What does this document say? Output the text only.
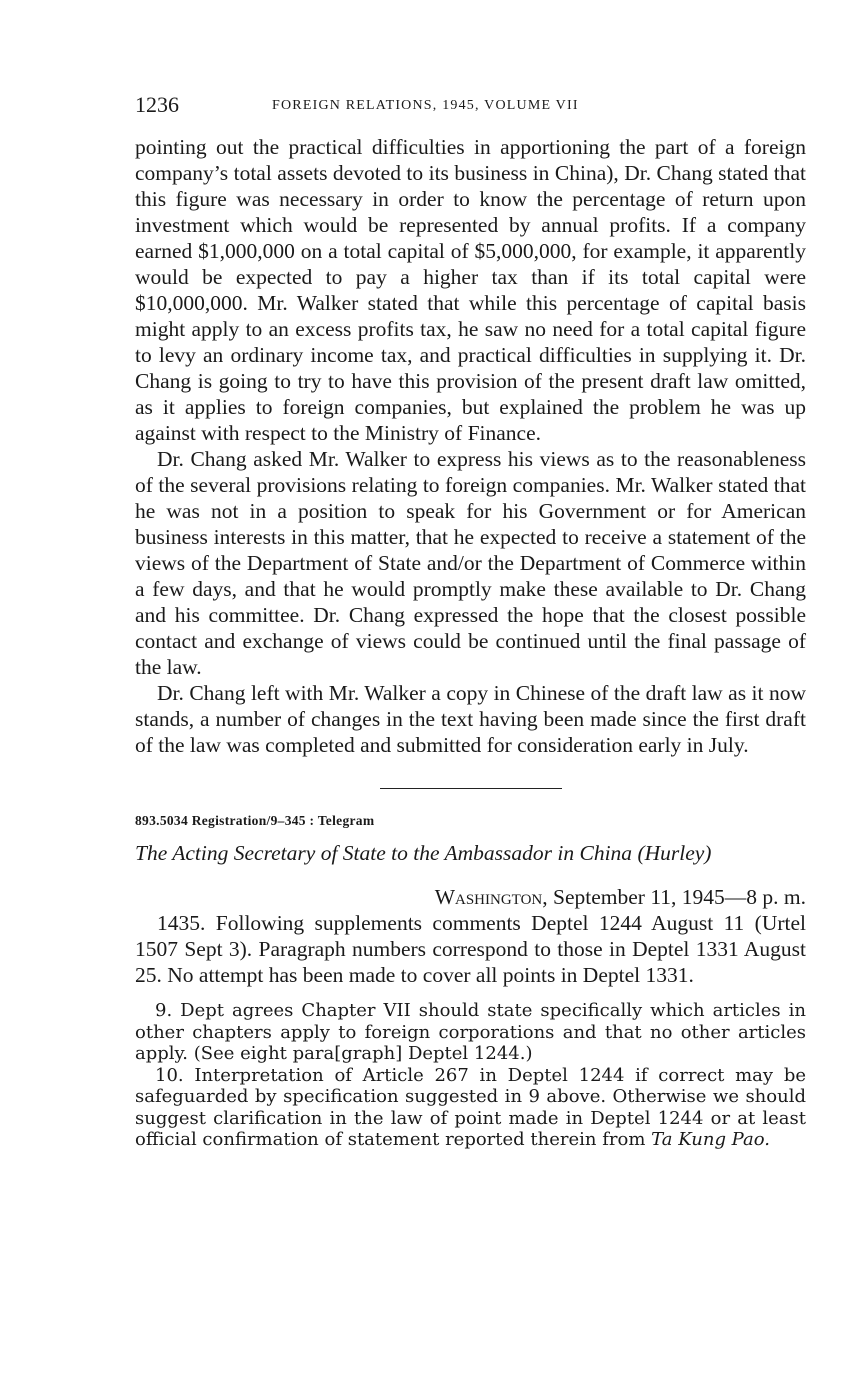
1236	FOREIGN RELATIONS, 1945, VOLUME VII

pointing out the practical difficulties in apportioning the part of a foreign company’s total assets devoted to its business in China), Dr. Chang stated that this figure was necessary in order to know the percentage of return upon investment which would be represented by annual profits. If a company earned $1,000,000 on a total capital of $5,000,000, for example, it apparently would be expected to pay a higher tax than if its total capital were $10,000,000. Mr. Walker stated that while this percentage of capital basis might apply to an excess profits tax, he saw no need for a total capital figure to levy an ordinary income tax, and practical difficulties in supplying it. Dr. Chang is going to try to have this provision of the present draft law omitted, as it applies to foreign companies, but explained the problem he was up against with respect to the Ministry of Finance.

Dr. Chang asked Mr. Walker to express his views as to the reasonableness of the several provisions relating to foreign companies. Mr. Walker stated that he was not in a position to speak for his Government or for American business interests in this matter, that he expected to receive a statement of the views of the Department of State and/or the Department of Commerce within a few days, and that he would promptly make these available to Dr. Chang and his committee. Dr. Chang expressed the hope that the closest possible contact and exchange of views could be continued until the final passage of the law.

Dr. Chang left with Mr. Walker a copy in Chinese of the draft law as it now stands, a number of changes in the text having been made since the first draft of the law was completed and submitted for consideration early in July.

893.5034 Registration/9–345 : Telegram
The Acting Secretary of State to the Ambassador in China (Hurley)
Washington, September 11, 1945—8 p. m.

1435. Following supplements comments Deptel 1244 August 11 (Urtel 1507 Sept 3). Paragraph numbers correspond to those in Deptel 1331 August 25. No attempt has been made to cover all points in Deptel 1331.

9. Dept agrees Chapter VII should state specifically which articles in other chapters apply to foreign corporations and that no other articles apply. (See eight para[graph] Deptel 1244.)

10. Interpretation of Article 267 in Deptel 1244 if correct may be safeguarded by specification suggested in 9 above. Otherwise we should suggest clarification in the law of point made in Deptel 1244 or at least official confirmation of statement reported therein from Ta Kung Pao.
